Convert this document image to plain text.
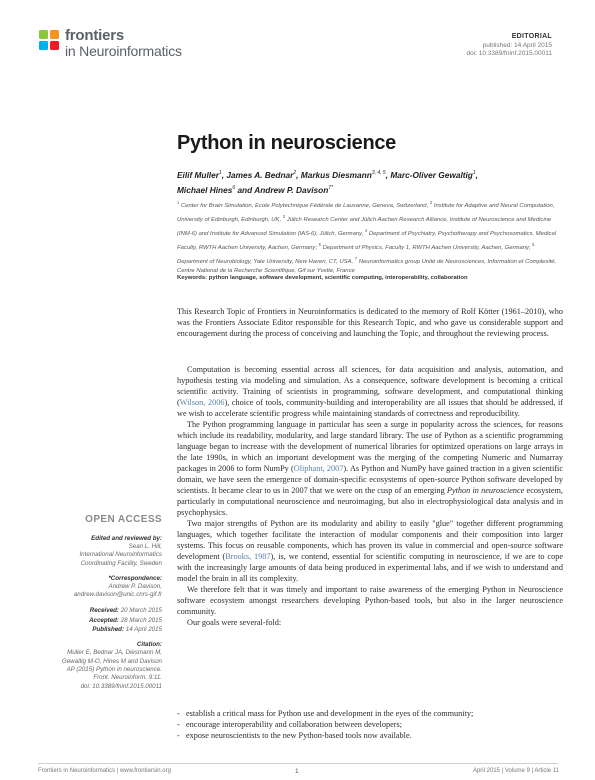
frontiers
in Neuroinformatics
EDITORIAL
published: 14 April 2015
doi: 10.3389/fninf.2015.00011
Python in neuroscience
Eilif Muller$^1$, James A. Bednar$^2$, Markus Diesmann$^{3, 4, 5}$, Marc-Oliver Gewaltig$^1$,
Michael Hines$^6$ and Andrew P. Davison$^{7*}$
$^1$ Center for Brain Simulation, Ecole Polytechnique Fédérale de Lausanne, Geneva, Switzerland, $^2$ Institute for Adaptive and Neural Computation, University of Edinburgh, Edinburgh, UK, $^3$ Jülich Research Center and Jülich Aachen Research Alliance, Institute of Neuroscience and Medicine (INM-6) and Institute for Advanced Simulation (IAS-6), Jülich, Germany, $^4$ Department of Psychiatry, Psychotherapy and Psychosomatics, Medical Faculty, RWTH Aachen University, Aachen, Germany; $^5$ Department of Physics, Faculty 1, RWTH Aachen University, Aachen, Germany; $^6$ Department of Neurobiology, Yale University, New Haven, CT, USA, $^7$ Neuroinformatics group Unité de Neurosciences, Information et Complexité, Centre National de la Recherche Scientifique, Gif sur Yvette, France
Keywords: python language, software development, scientific computing, interoperability, collaboration

This Research Topic of Frontiers in Neuroinformatics is dedicated to the memory of Rolf Kötter (1961–2010), who was the Frontiers Associate Editor responsible for this Research Topic, and who gave us considerable support and encouragement during the process of conceiving and launching the Topic, and throughout the reviewing process.

Computation is becoming essential across all sciences, for data acquisition and analysis, automation, and hypothesis testing via modeling and simulation. As a consequence, software development is becoming a critical scientific activity. Training of scientists in programming, software development, and computational thinking (Wilson, 2006), choice of tools, community-building and interoperability are all issues that should be addressed, if we wish to accelerate scientific progress while maintaining standards of correctness and reproducibility.

The Python programming language in particular has seen a surge in popularity across the sciences, for reasons which include its readability, modularity, and large standard library. The use of Python as a scientific programming language began to increase with the development of numerical libraries for optimized operations on large arrays in the late 1990s, in which an important development was the merging of the competing Numeric and Numarray packages in 2006 to form NumPy (Oliphant, 2007). As Python and NumPy have gained traction in a given scientific domain, we have seen the emergence of domain-specific ecosystems of open-source Python software developed by scientists. It became clear to us in 2007 that we were on the cusp of an emerging Python in neuroscience ecosystem, particularly in computational neuroscience and neuroimaging, but also in electrophysiological data analysis and in psychophysics.

Two major strengths of Python are its modularity and ability to easily "glue" together different programming languages, which together facilitate the interaction of modular components and their composition into larger systems. This focus on reusable components, which has proven its value in commercial and open-source software development (Brooks, 1987), is, we contend, essential for scientific computing in neuroscience, if we are to cope with the increasingly large amounts of data being produced in experimental labs, and if we wish to understand and model the brain in all its complexity.

We therefore felt that it was timely and important to raise awareness of the emerging Python in Neuroscience software ecosystem amongst researchers developing Python-based tools, but also in the larger neuroscience community.

Our goals were several-fold:

- establish a critical mass for Python use and development in the eyes of the community;
- encourage interoperability and collaboration between developers;
- expose neuroscientists to the new Python-based tools now available.
OPEN ACCESS
Edited and reviewed by:
Sean L. Hill,
International Neuroinformatics
Coordinating Facility, Sweden
*Correspondence:
Andrew P. Davison,
andrew.davison@unic.cnrs-gif.fr
Received: 20 March 2015
Accepted: 28 March 2015
Published: 14 April 2015
Citation:
Muller E, Bednar JA, Diesmann M,
Gewaltig M-O, Hines M and Davison
AP (2015) Python in neuroscience.
Front. Neuroinform. 9:11.
doi: 10.3389/fninf.2015.00011
Frontiers in Neuroinformatics | www.frontiersin.org	1	April 2015 | Volume 9 | Article 11
